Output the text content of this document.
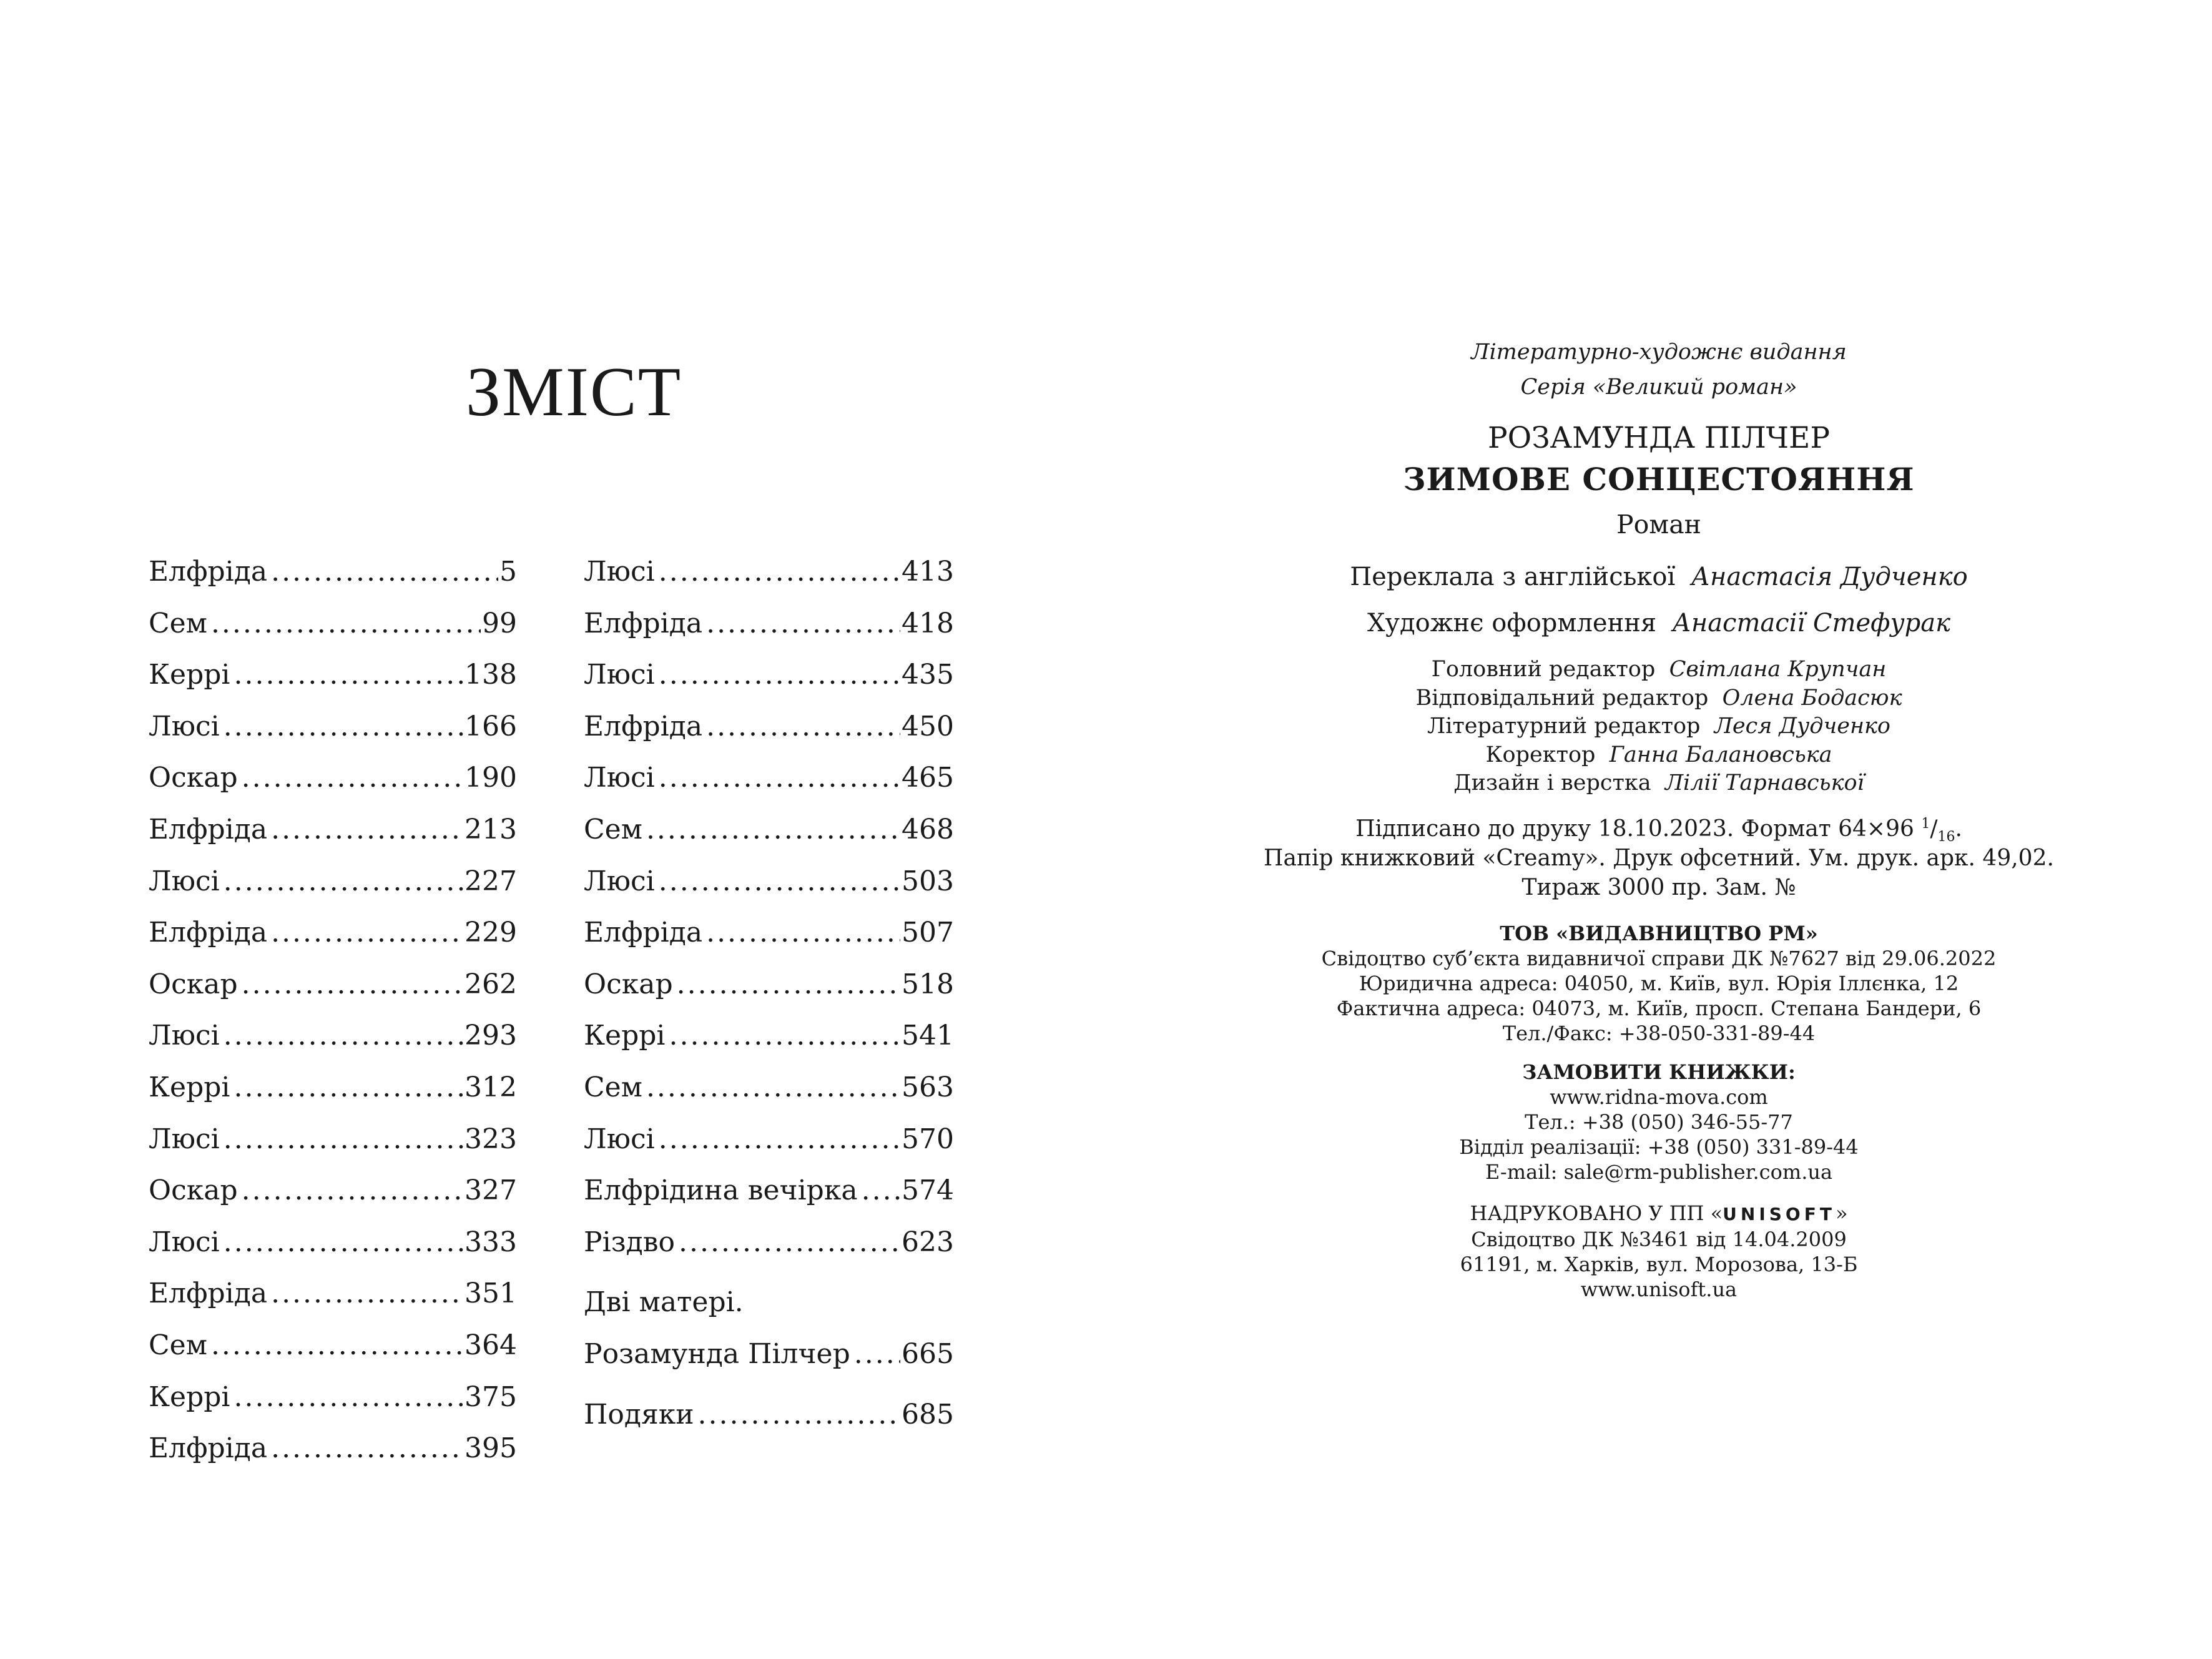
ЗМІСТ
Елфріда .....	5
Сем .....	99
Керрі .....	138
Люсі .....	166
Оскар .....	190
Елфріда .....	213
Люсі .....	227
Елфріда .....	229
Оскар .....	262
Люсі .....	293
Керрі .....	312
Люсі .....	323
Оскар .....	327
Люсі .....	333
Елфріда .....	351
Сем .....	364
Керрі .....	375
Елфріда .....	395
Люсі .....	413
Елфріда .....	418
Люсі .....	435
Елфріда .....	450
Люсі .....	465
Сем .....	468
Люсі .....	503
Елфріда .....	507
Оскар .....	518
Керрі .....	541
Сем .....	563
Люсі .....	570
Елфрідина вечірка ..... 574
Різдво .....	623
Дві матері.
Розамунда Пілчер ..... 665
Подяки .....	685
Літературно-художнє видання
Серія «Великий роман»
РОЗАМУНДА ПІЛЧЕР
ЗИМОВЕ СОНЦЕСТОЯННЯ
Роман
Переклала з англійської Анастасія Дудченко
Художнє оформлення Анастасії Стефурак
Головний редактор Світлана Крупчан
Відповідальний редактор Олена Бодасюк
Літературний редактор Леся Дудченко
Коректор Ганна Балановська
Дизайн і верстка Лілії Тарнавської
Підписано до друку 18.10.2023. Формат 64×96 $^1/_{16}$.
Папір книжковий «Creamy». Друк офсетний. Ум. друк. арк. 49,02.
Тираж 3000 пр. Зам. №
ТОВ «ВИДАВНИЦТВО РМ»
Свідоцтво суб’єкта видавничої справи ДК №7627 від 29.06.2022
Юридична адреса: 04050, м. Київ, вул. Юрія Іллєнка, 12
Фактична адреса: 04073, м. Київ, просп. Степана Бандери, 6
Тел./Факс: +38-050-331-89-44
ЗАМОВИТИ КНИЖКИ:
www.ridna-mova.com
Тел.: +38 (050) 346-55-77
Відділ реалізації: +38 (050) 331-89-44
E-mail: sale@rm-publisher.com.ua
НАДРУКОВАНО У ПП «UNISOFT»
Свідоцтво ДК №3461 від 14.04.2009
61191, м. Харків, вул. Морозова, 13-Б
www.unisoft.ua
